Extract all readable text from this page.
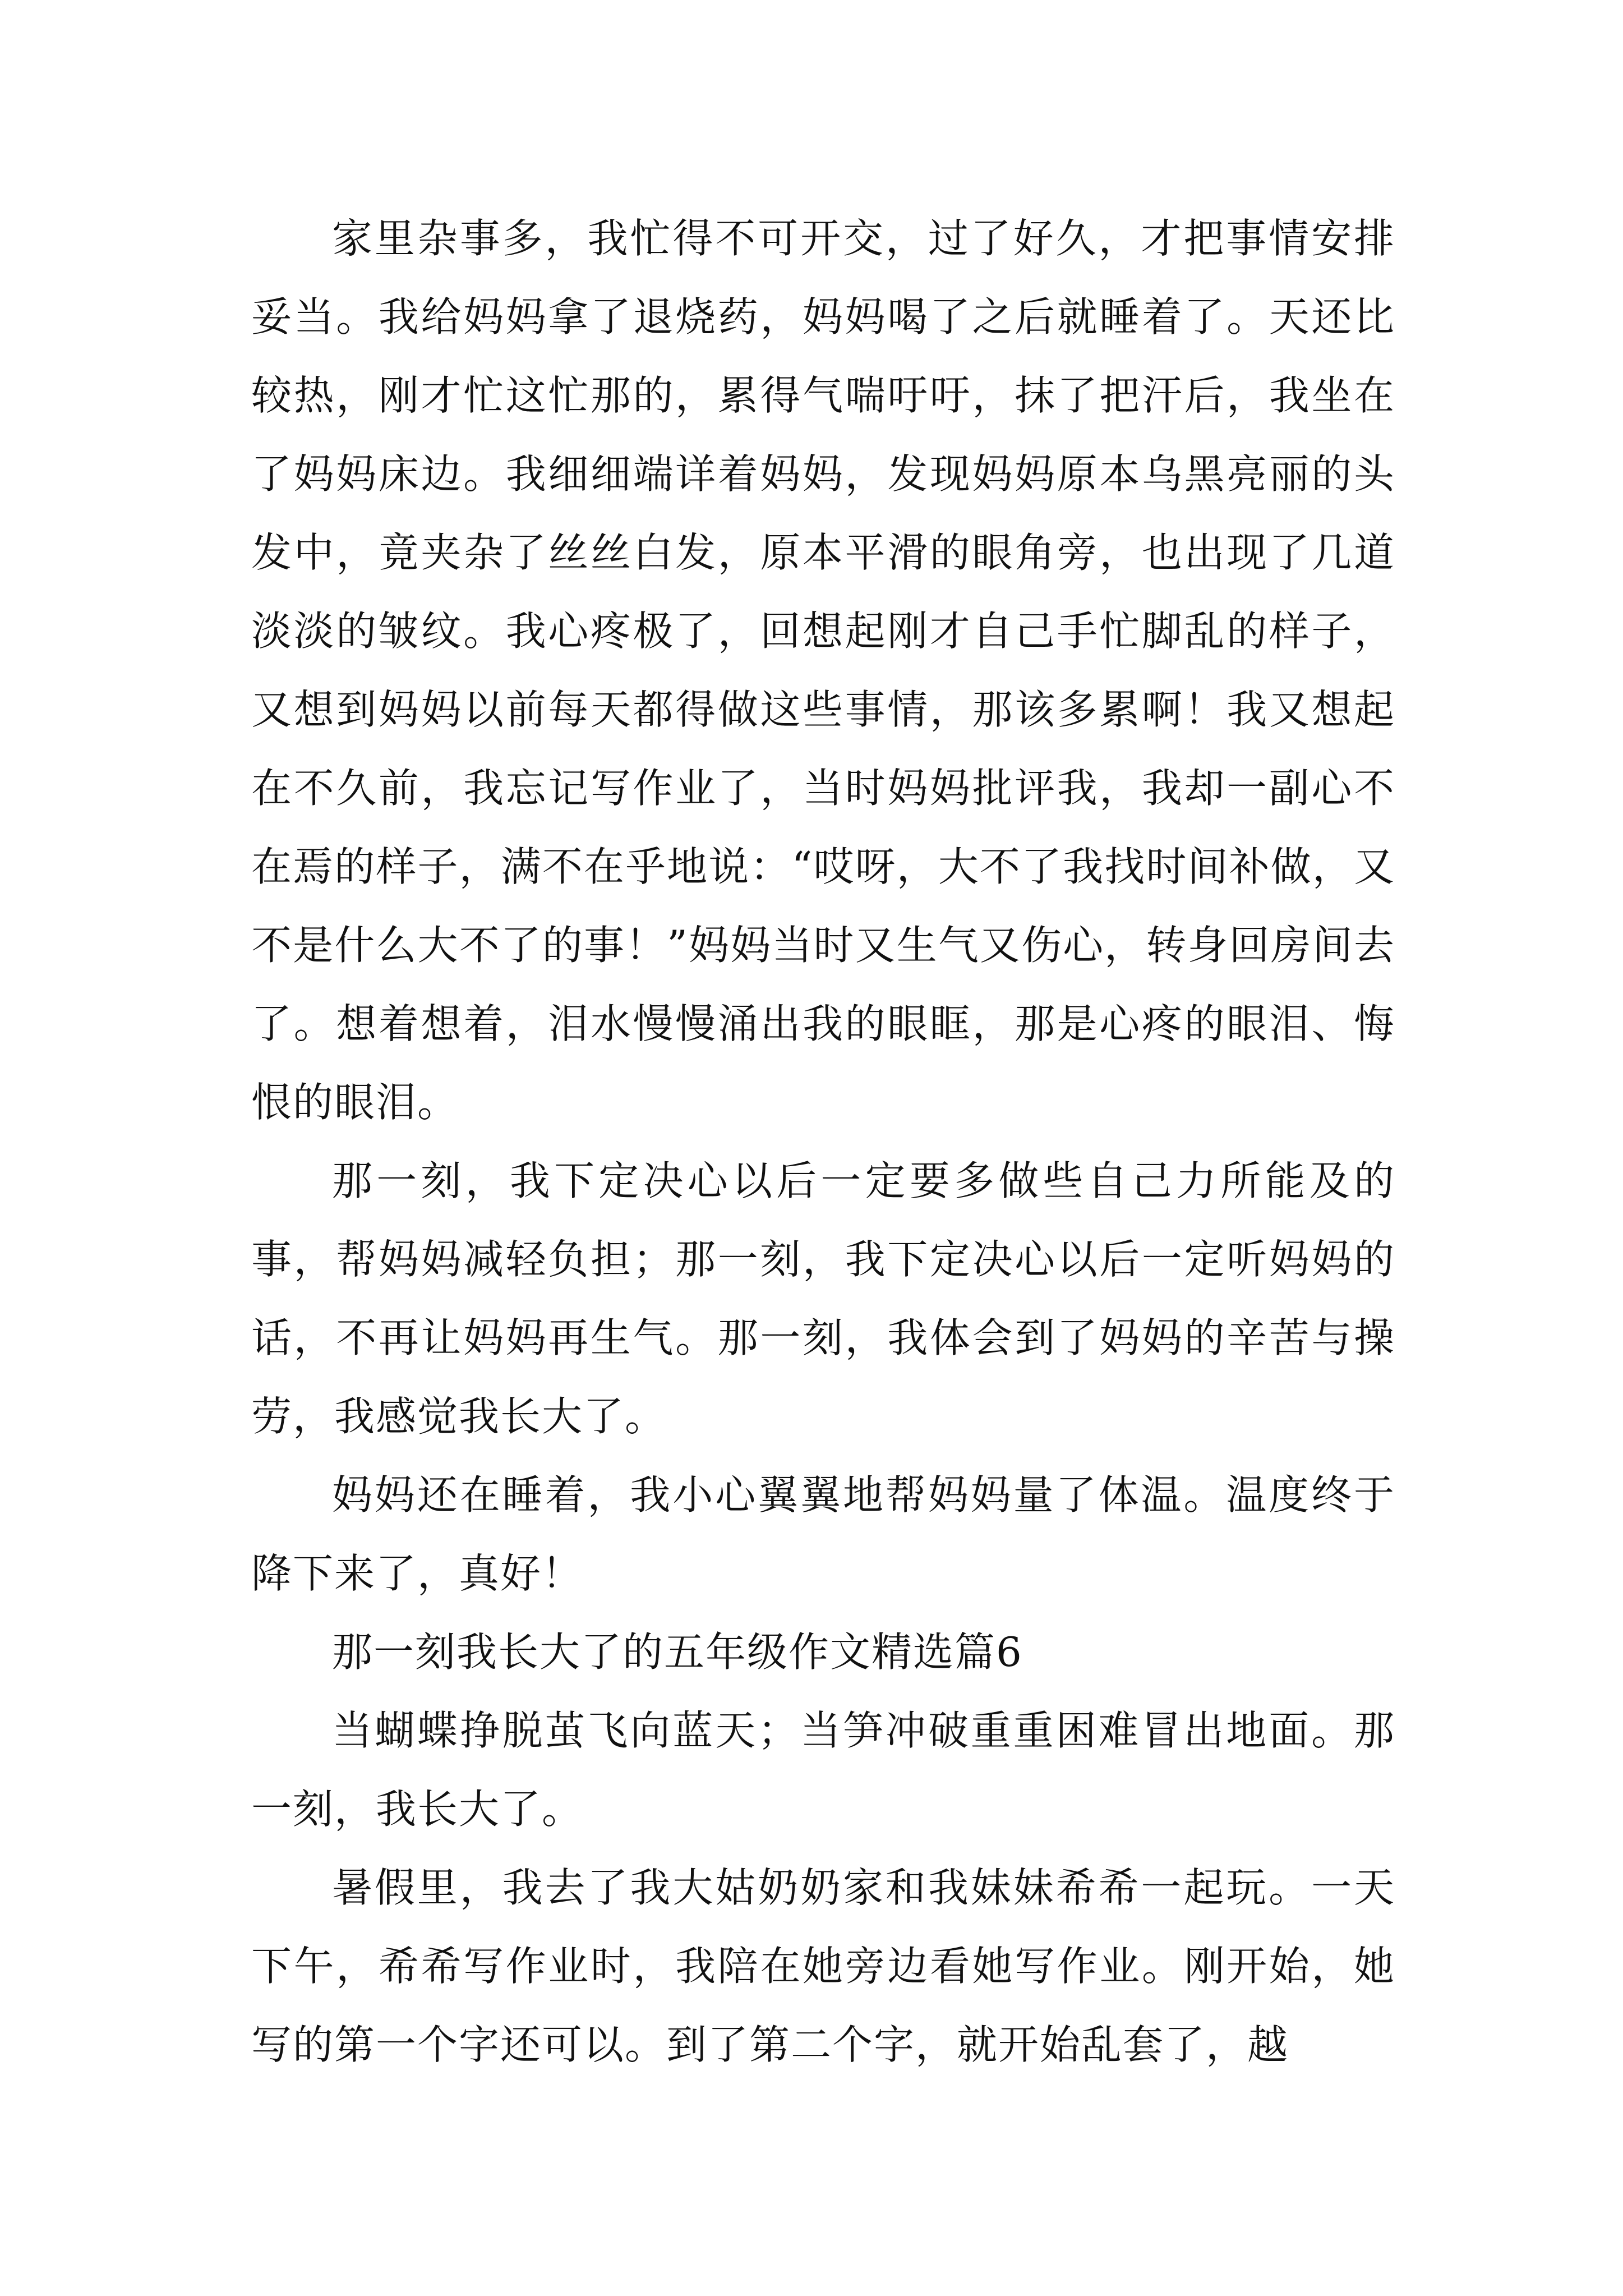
家里杂事多，我忙得不可开交，过了好久，才把事情安排妥当。我给妈妈拿了退烧药，妈妈喝了之后就睡着了。天还比较热，刚才忙这忙那的，累得气喘吁吁，抹了把汗后，我坐在了妈妈床边。我细细端详着妈妈，发现妈妈原本乌黑亮丽的头发中，竟夹杂了丝丝白发，原本平滑的眼角旁，也出现了几道淡淡的皱纹。我心疼极了，回想起刚才自己手忙脚乱的样子，又想到妈妈以前每天都得做这些事情，那该多累啊！我又想起在不久前，我忘记写作业了，当时妈妈批评我，我却一副心不在焉的样子，满不在乎地说：“哎呀，大不了我找时间补做，又不是什么大不了的事！”妈妈当时又生气又伤心，转身回房间去了。想着想着，泪水慢慢涌出我的眼眶，那是心疼的眼泪、悔恨的眼泪。

那一刻，我下定决心以后一定要多做些自己力所能及的事，帮妈妈减轻负担；那一刻，我下定决心以后一定听妈妈的话，不再让妈妈再生气。那一刻，我体会到了妈妈的辛苦与操劳，我感觉我长大了。

妈妈还在睡着，我小心翼翼地帮妈妈量了体温。温度终于降下来了，真好！

那一刻我长大了的五年级作文精选篇6

当蝴蝶挣脱茧飞向蓝天；当笋冲破重重困难冒出地面。那一刻，我长大了。

暑假里，我去了我大姑奶奶家和我妹妹希希一起玩。一天下午，希希写作业时，我陪在她旁边看她写作业。刚开始，她写的第一个字还可以。到了第二个字，就开始乱套了，越
